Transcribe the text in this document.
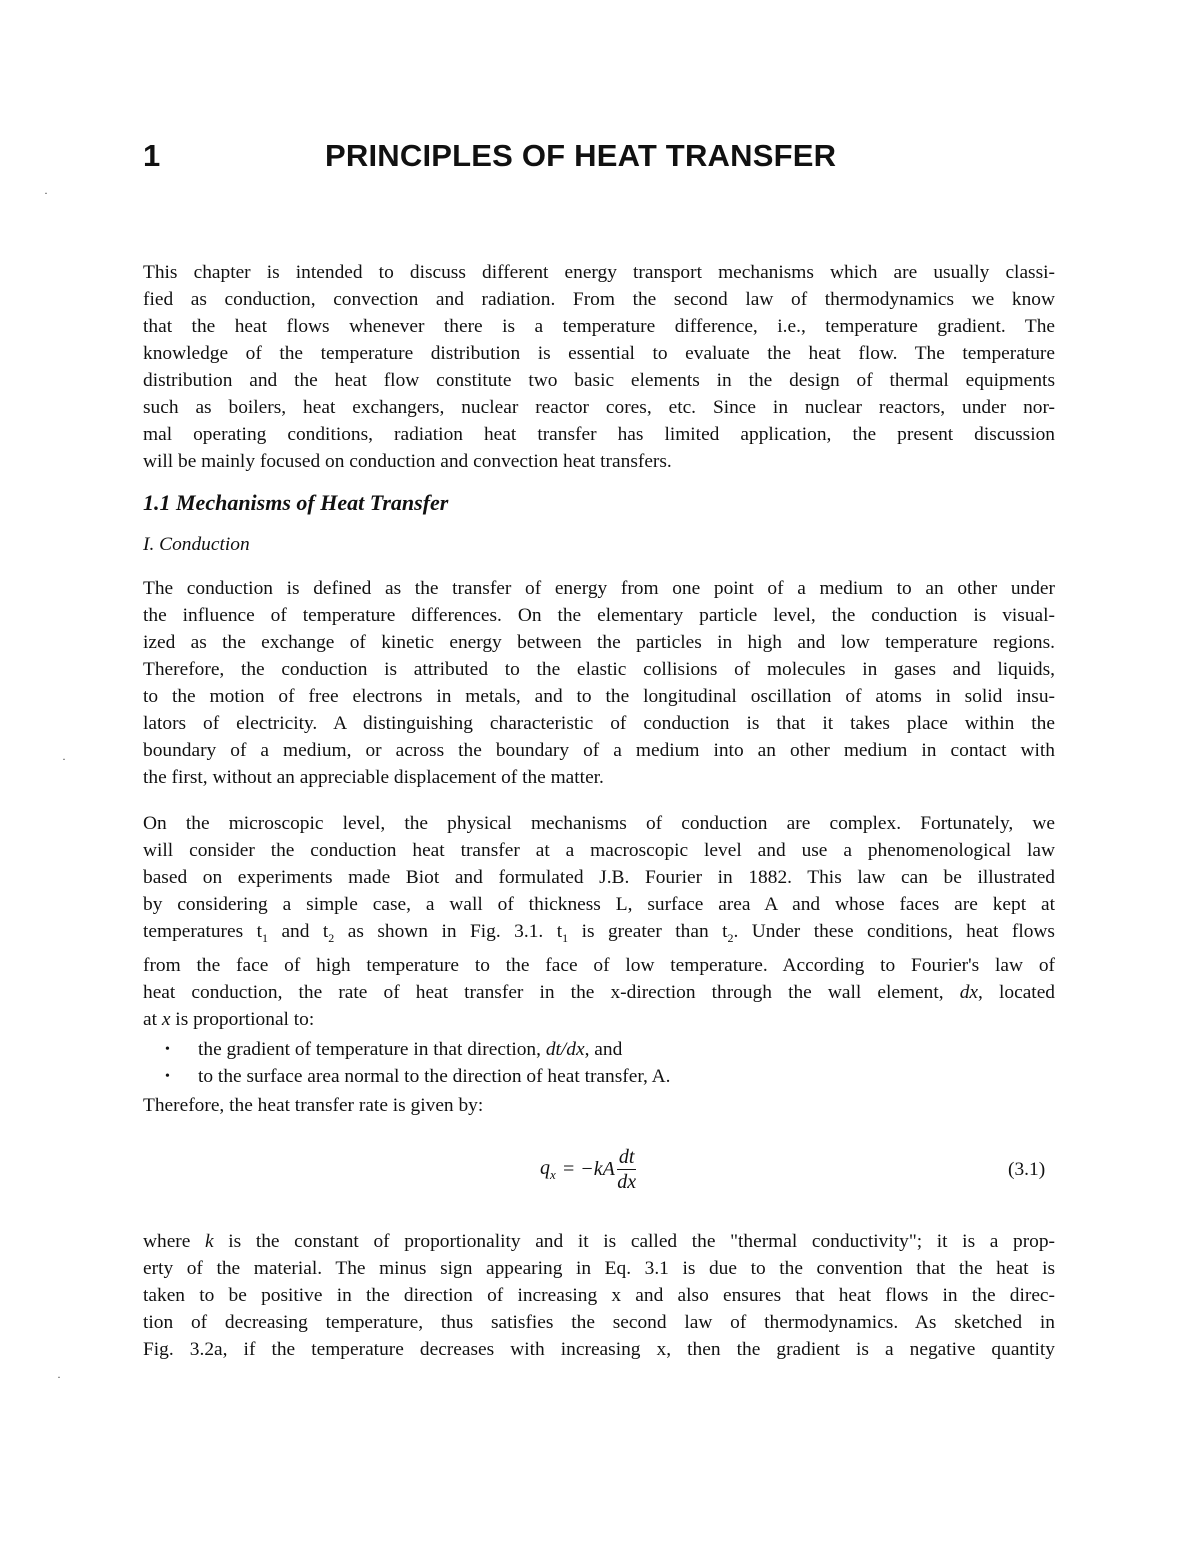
1	PRINCIPLES OF HEAT TRANSFER
·
This chapter is intended to discuss different energy transport mechanisms which are usually classi-
fied as conduction, convection and radiation. From the second law of thermodynamics we know
that the heat flows whenever there is a temperature difference, i.e., temperature gradient. The
knowledge of the temperature distribution is essential to evaluate the heat flow. The temperature
distribution and the heat flow constitute two basic elements in the design of thermal equipments
such as boilers, heat exchangers, nuclear reactor cores, etc. Since in nuclear reactors, under nor-
mal operating conditions, radiation heat transfer has limited application, the present discussion
will be mainly focused on conduction and convection heat transfers.
1.1 Mechanisms of Heat Transfer
I. Conduction
The conduction is defined as the transfer of energy from one point of a medium to an other under
the influence of temperature differences. On the elementary particle level, the conduction is visual-
ized as the exchange of kinetic energy between the particles in high and low temperature regions.
Therefore, the conduction is attributed to the elastic collisions of molecules in gases and liquids,
to the motion of free electrons in metals, and to the longitudinal oscillation of atoms in solid insu-
lators of electricity. A distinguishing characteristic of conduction is that it takes place within the
boundary of a medium, or across the boundary of a medium into an other medium in contact with
the first, without an appreciable displacement of the matter.
·
On the microscopic level, the physical mechanisms of conduction are complex. Fortunately, we
will consider the conduction heat transfer at a macroscopic level and use a phenomenological law
based on experiments made Biot and formulated J.B. Fourier in 1882. This law can be illustrated
by considering a simple case, a wall of thickness L, surface area A and whose faces are kept at
temperatures $t_1$ and $t_2$ as shown in Fig. 3.1. $t_1$ is greater than $t_2$. Under these conditions, heat flows
from the face of high temperature to the face of low temperature. According to Fourier's law of
heat conduction, the rate of heat transfer in the x-direction through the wall element, dx, located
at x is proportional to:
• the gradient of temperature in that direction, dt/dx, and
• to the surface area normal to the direction of heat transfer, A.
Therefore, the heat transfer rate is given by:
$q_x = -kA \frac{dt}{dx}$	(3.1)
where k is the constant of proportionality and it is called the "thermal conductivity"; it is a prop-
erty of the material. The minus sign appearing in Eq. 3.1 is due to the convention that the heat is
taken to be positive in the direction of increasing x and also ensures that heat flows in the direc-
tion of decreasing temperature, thus satisfies the second law of thermodynamics. As sketched in
Fig. 3.2a, if the temperature decreases with increasing x, then the gradient is a negative quantity
·
